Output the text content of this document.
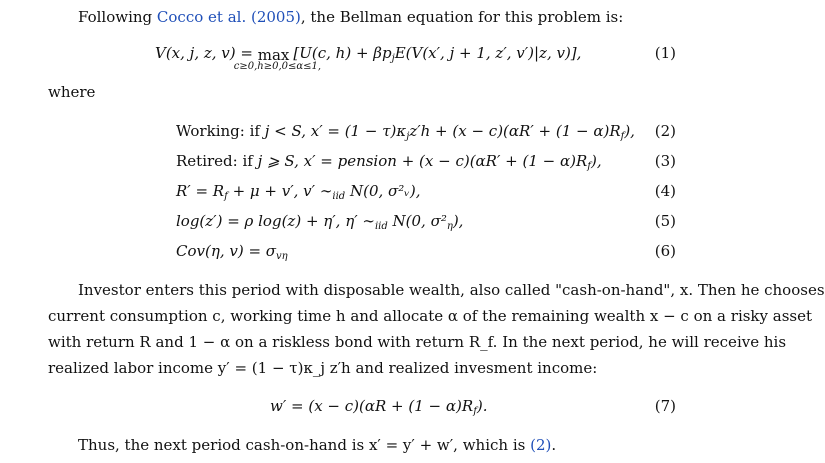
Following Cocco et al. (2005), the Bellman equation for this problem is:
V(x, j, z, v) = max
c≥0,h≥0,0≤α≤1,
[U(c, $h) + \beta p_jE(V(x'$, j + 1, z′, v′)|z, v)],	(1)
where
Working: if j < S, $x' = (1 - \tau)\kappa_jz'h + (x - c)(\alpha R' + (1 - \alpha)R_f)$, (2)
Retired: if j ⩾ S, x′ = pension + $(x - c)(\alpha R' + (1 - \alpha)R_f)$,	(3)
$R' = R_f + \mu + v'$, v′ $\sim_{iid}$ N(0, σ²ᵥ),	(4)
log(z′) = ρ log(z) + η′, η′ $\sim_{iid}$ N(0, $\sigma^2_\eta$),	(5)
Cov(η, $v) = \sigma_{v\eta}$	(6)
Investor enters this period with disposable wealth, also called "cash-on-hand", x. Then he chooses
current consumption c, working time h and allocate α of the remaining wealth x − c on a risky asset
with return R and 1 − α on a riskless bond with return R_f. In the next period, he will receive his
realized labor income y′ = (1 − τ)κ_j z′h and realized invesment income:
$w' = (x - c)(\alpha R + (1 - \alpha)R_f)$.	(7)
Thus, the next period cash-on-hand is x′ = y′ + w′, which is (2).
